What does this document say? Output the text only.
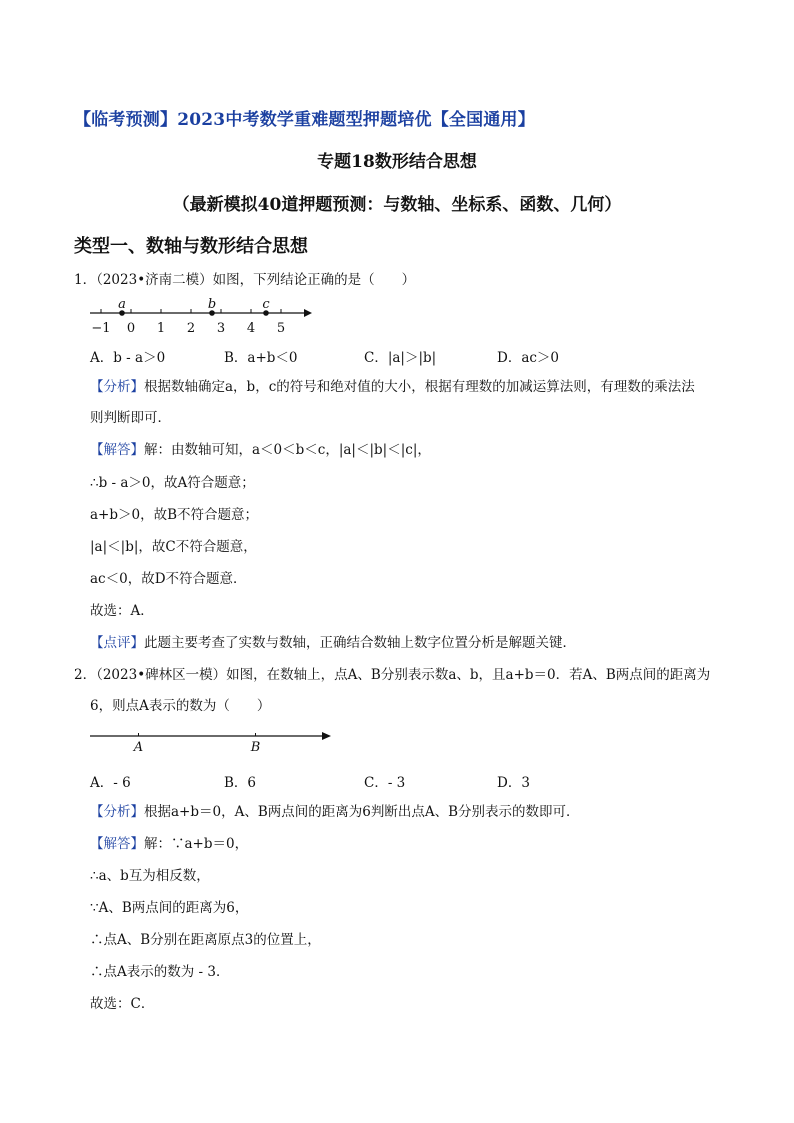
【临考预测】2023中考数学重难题型押题培优【全国通用】
专题18数形结合思想
（最新模拟40道押题预测：与数轴、坐标系、函数、几何）
类型一、数轴与数形结合思想
1．（2023•济南二模）如图，下列结论正确的是（　　）
−1 0 1 2 3 4 5
a	b	c
A．b - a＞0	B．a+b＜0	C．|a|＞|b|	D．ac＞0
【分析】根据数轴确定a，b，c的符号和绝对值的大小，根据有理数的加减运算法则，有理数的乘法法
则判断即可．
【解答】解：由数轴可知，a＜0＜b＜c，|a|＜|b|＜|c|，
∴b - a＞0，故A符合题意；
a+b＞0，故B不符合题意；
|a|＜|b|，故C不符合题意，
ac＜0，故D不符合题意．
故选：A．
【点评】此题主要考查了实数与数轴，正确结合数轴上数字位置分析是解题关键．
2．（2023•碑林区一模）如图，在数轴上，点A、B分别表示数a、b，且a+b＝0．若A、B两点间的距离为
6，则点A表示的数为（　　）
A	B
A．- 6	B．6	C．- 3	D．3
【分析】根据a+b＝0，A、B两点间的距离为6判断出点A、B分别表示的数即可．
【解答】解：∵a+b＝0，
∴a、b互为相反数，
∵A、B两点间的距离为6，
∴点A、B分别在距离原点3的位置上，
∴点A表示的数为 - 3．
故选：C．
